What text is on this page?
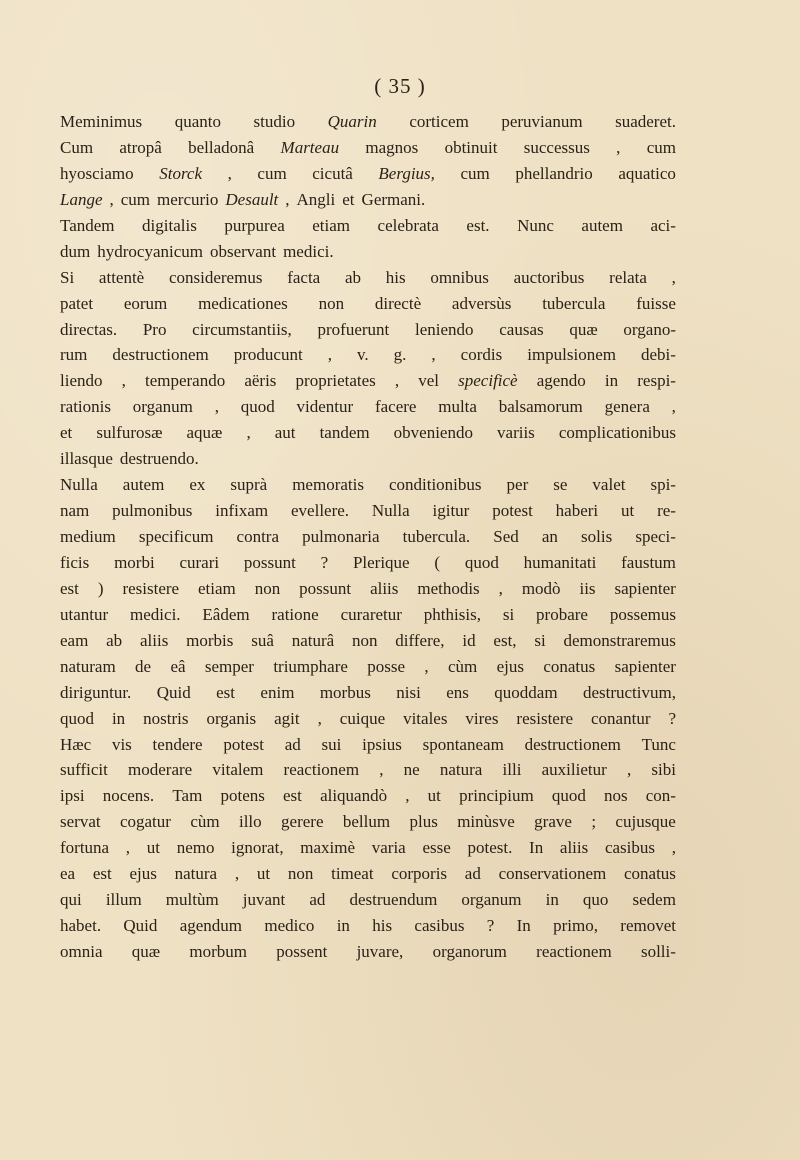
( 35 )
Meminimus quanto studio Quarin corticem peruvianum suaderet.
Cum atropâ belladonâ Marteau magnos obtinuit successus , cum
hyosciamo Storck , cum cicutâ Bergius, cum phellandrio aquatico
Lange , cum mercurio Desault , Angli et Germani.
Tandem digitalis purpurea etiam celebrata est. Nunc autem aci-
dum hydrocyanicum observant medici.
Si attentè consideremus facta ab his omnibus auctoribus relata ,
patet eorum medicationes non directè adversùs tubercula fuisse
directas. Pro circumstantiis, profuerunt leniendo causas quæ organo-
rum destructionem producunt , v. g. , cordis impulsionem debi-
liendo , temperando aëris proprietates , vel specificè agendo in respi-
rationis organum , quod videntur facere multa balsamorum genera ,
et sulfurosæ aquæ , aut tandem obveniendo variis complicationibus
illasque destruendo.
Nulla autem ex suprà memoratis conditionibus per se valet spi-
nam pulmonibus infixam evellere. Nulla igitur potest haberi ut re-
medium specificum contra pulmonaria tubercula. Sed an solis speci-
ficis morbi curari possunt ? Plerique ( quod humanitati faustum
est ) resistere etiam non possunt aliis methodis , modò iis sapienter
utantur medici. Eâdem ratione curaretur phthisis, si probare possemus
eam ab aliis morbis suâ naturâ non differe, id est, si demonstraremus
naturam de eâ semper triumphare posse , cùm ejus conatus sapienter
diriguntur. Quid est enim morbus nisi ens quoddam destructivum,
quod in nostris organis agit , cuique vitales vires resistere conantur ?
Hæc vis tendere potest ad sui ipsius spontaneam destructionem Tunc
sufficit moderare vitalem reactionem , ne natura illi auxilietur , sibi
ipsi nocens. Tam potens est aliquandò , ut principium quod nos con-
servat cogatur cùm illo gerere bellum plus minùsve grave ; cujusque
fortuna , ut nemo ignorat, maximè varia esse potest. In aliis casibus ,
ea est ejus natura , ut non timeat corporis ad conservationem conatus
qui illum multùm juvant ad destruendum organum in quo sedem
habet. Quid agendum medico in his casibus ? In primo, removet
omnia quæ morbum possent juvare, organorum reactionem solli-
